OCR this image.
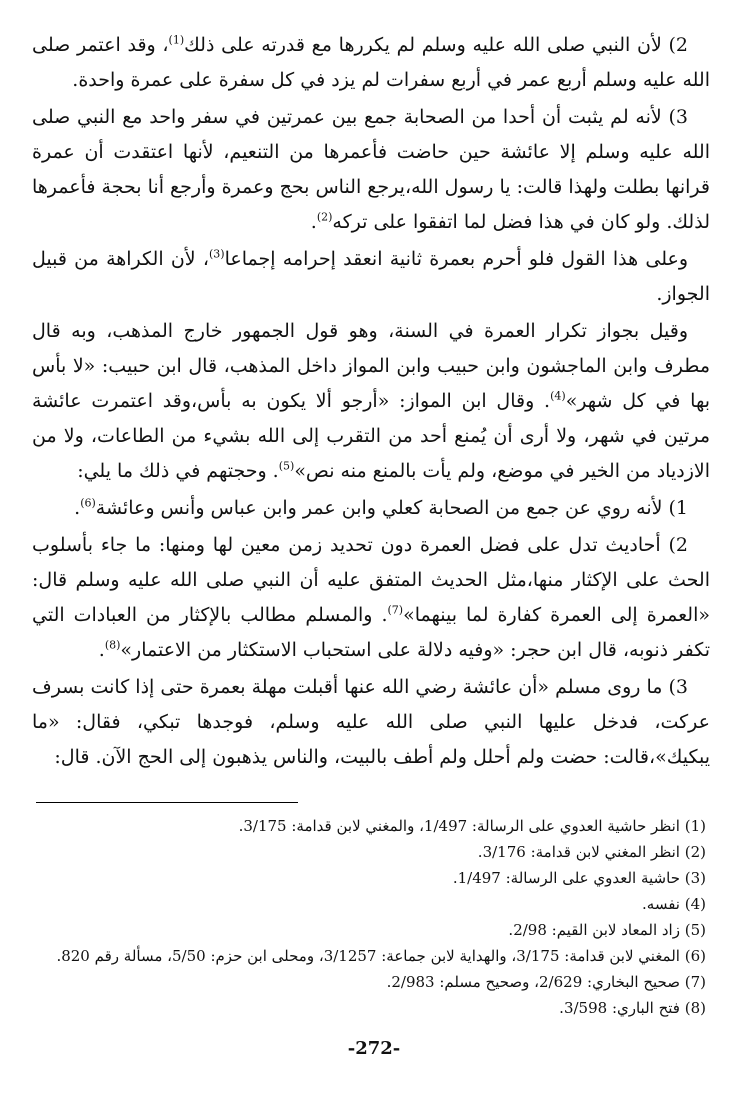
2) لأن النبي صلى الله عليه وسلم لم يكررها مع قدرته على ذلك$^{(1)}$، وقد اعتمر صلى الله عليه وسلم أربع عمر في أربع سفرات لم يزد في كل سفرة على عمرة واحدة.

3) لأنه لم يثبت أن أحدا من الصحابة جمع بين عمرتين في سفر واحد مع النبي صلى الله عليه وسلم إلا عائشة حين حاضت فأعمرها من التنعيم، لأنها اعتقدت أن عمرة قرانها بطلت ولهذا قالت: يا رسول الله،يرجع الناس بحج وعمرة وأرجع أنا بحجة فأعمرها لذلك. ولو كان في هذا فضل لما اتفقوا على تركه$^{(2)}$.

وعلى هذا القول فلو أحرم بعمرة ثانية انعقد إحرامه إجماعا$^{(3)}$، لأن الكراهة من قبيل الجواز.

وقيل بجواز تكرار العمرة في السنة، وهو قول الجمهور خارج المذهب، وبه قال مطرف وابن الماجشون وابن حبيب وابن المواز داخل المذهب، قال ابن حبيب: «لا بأس بها في كل شهر»$^{(4)}$. وقال ابن المواز: «أرجو ألا يكون به بأس،وقد اعتمرت عائشة مرتين في شهر، ولا أرى أن يُمنع أحد من التقرب إلى الله بشيء من الطاعات، ولا من الازدياد من الخير في موضع، ولم يأت بالمنع منه نص»$^{(5)}$. وحجتهم في ذلك ما يلي:

1) لأنه روي عن جمع من الصحابة كعلي وابن عمر وابن عباس وأنس وعائشة$^{(6)}$.

2) أحاديث تدل على فضل العمرة دون تحديد زمن معين لها ومنها: ما جاء بأسلوب الحث على الإكثار منها،مثل الحديث المتفق عليه أن النبي صلى الله عليه وسلم قال: «العمرة إلى العمرة كفارة لما بينهما»$^{(7)}$. والمسلم مطالب بالإكثار من العبادات التي تكفر ذنوبه، قال ابن حجر: «وفيه دلالة على استحباب الاستكثار من الاعتمار»$^{(8)}$.

3) ما روى مسلم «أن عائشة رضي الله عنها أقبلت مهلة بعمرة حتى إذا كانت بسرف عركت، فدخل عليها النبي صلى الله عليه وسلم، فوجدها تبكي، فقال: «ما يبكيك»،قالت: حضت ولم أحلل ولم أطف بالبيت، والناس يذهبون إلى الحج الآن. قال:

(1) انظر حاشية العدوي على الرسالة: 1/497، والمغني لابن قدامة: 3/175.

(2) انظر المغني لابن قدامة: 3/176.

(3) حاشية العدوي على الرسالة: 1/497.

(4) نفسه.

(5) زاد المعاد لابن القيم: 2/98.

(6) المغني لابن قدامة: 3/175، والهداية لابن جماعة: 3/1257، ومحلى ابن حزم: 5/50، مسألة رقم 820.

(7) صحيح البخاري: 2/629، وصحيح مسلم: 2/983.

(8) فتح الباري: 3/598.

-272-
